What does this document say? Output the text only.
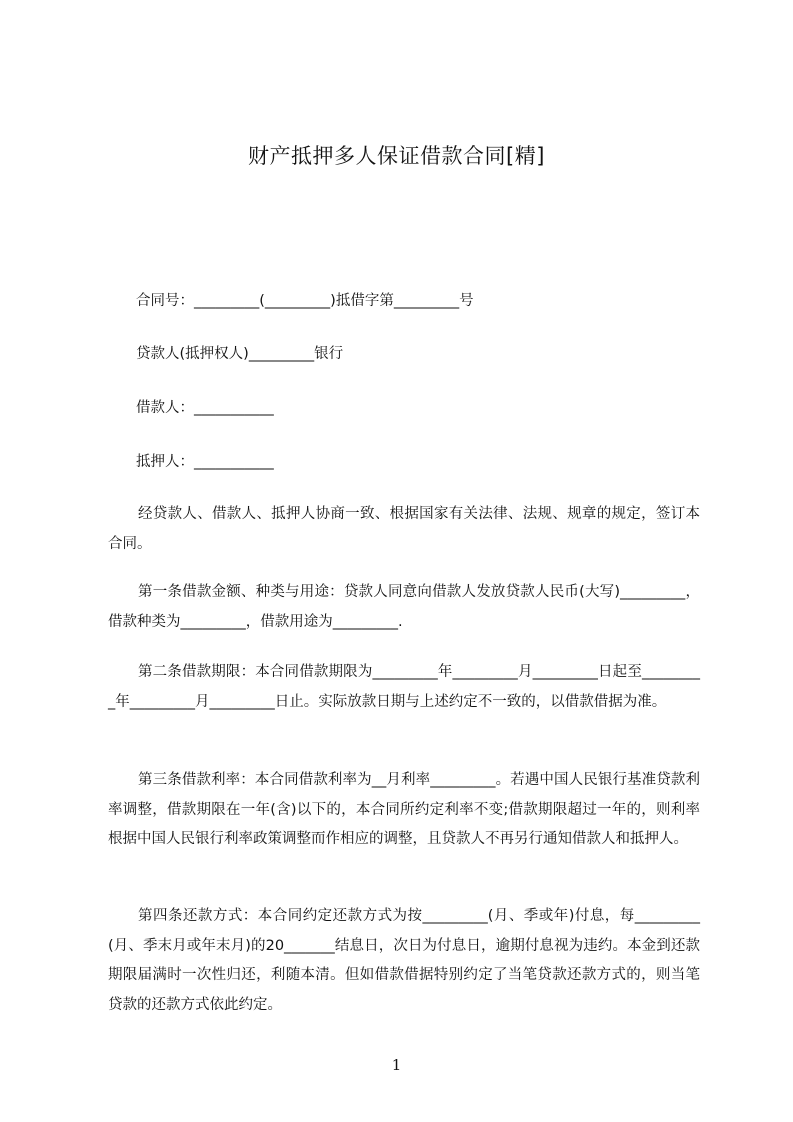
财产抵押多人保证借款合同[精]
合同号：_________(_________)抵借字第_________号
贷款人(抵押权人)_________银行
借款人：___________
抵押人：___________
经贷款人、借款人、抵押人协商一致、根据国家有关法律、法规、规章的规定，签订本合同。
第一条借款金额、种类与用途：贷款人同意向借款人发放贷款人民币(大写)_________，借款种类为_________，借款用途为_________.
第二条借款期限：本合同借款期限为_________年_________月_________日起至_________年_________月_________日止。实际放款日期与上述约定不一致的，以借款借据为准。
第三条借款利率：本合同借款利率为__月利率_________。若遇中国人民银行基准贷款利率调整，借款期限在一年(含)以下的，本合同所约定利率不变;借款期限超过一年的，则利率根据中国人民银行利率政策调整而作相应的调整，且贷款人不再另行通知借款人和抵押人。
第四条还款方式：本合同约定还款方式为按_________(月、季或年)付息，每_________(月、季末月或年末月)的20_______结息日，次日为付息日，逾期付息视为违约。本金到还款期限届满时一次性归还，利随本清。但如借款借据特别约定了当笔贷款还款方式的，则当笔贷款的还款方式依此约定。
1
